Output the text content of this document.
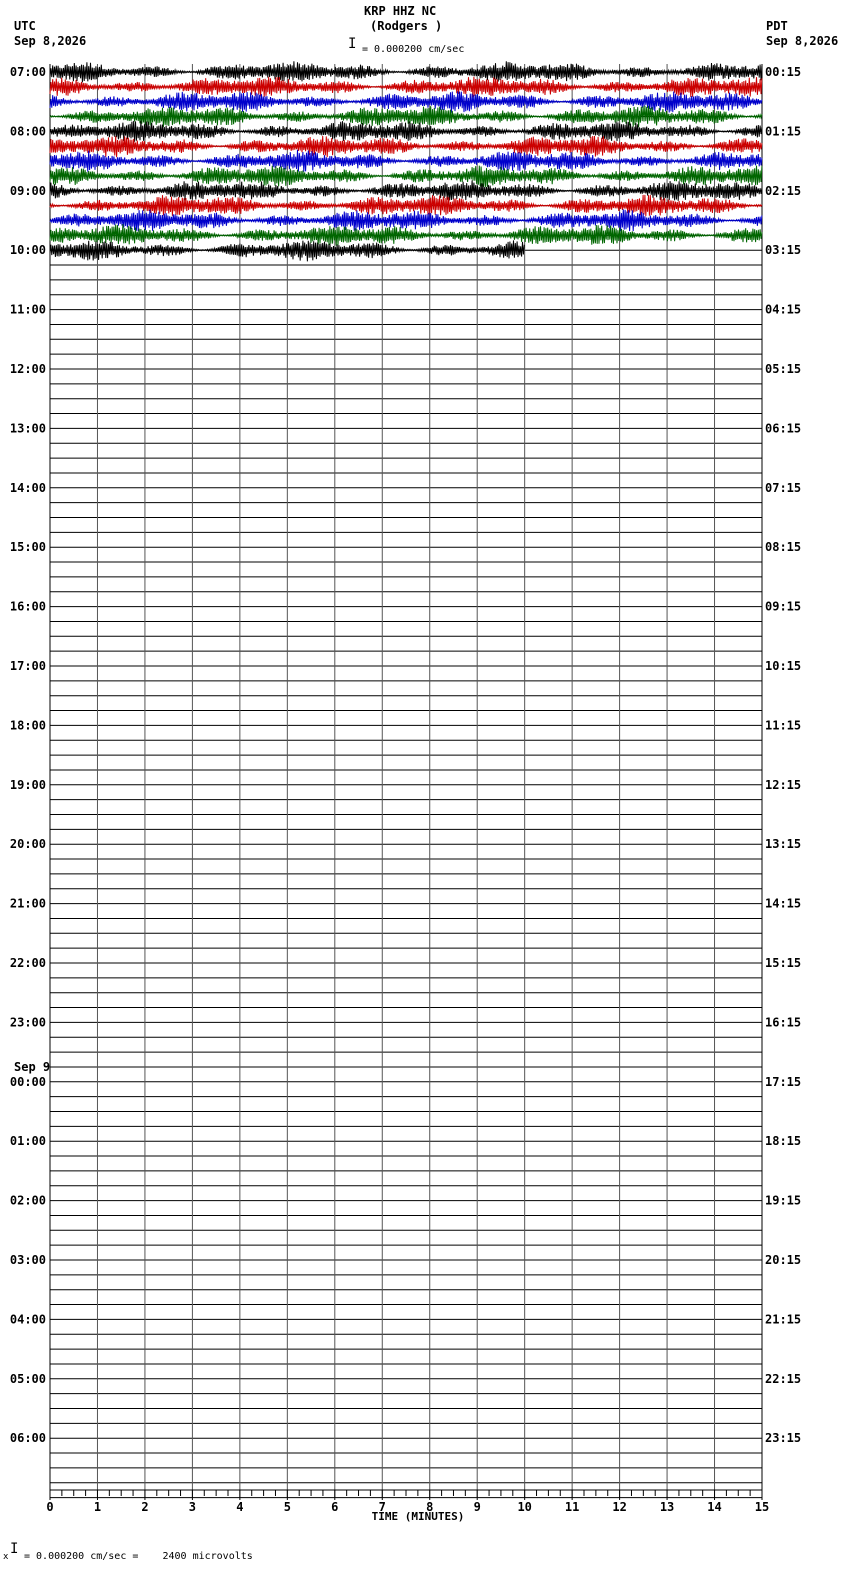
KRP HHZ NC
(Rodgers )
I = 0.000200 cm/sec
UTC
Sep 8,2026
PDT
Sep 8,2026
07:00	00:15
08:00	01:15
09:00	02:15
10:00	03:15
11:00	04:15
12:00	05:15
13:00	06:15
14:00	07:15
15:00	08:15
16:00	09:15
17:00	10:15
18:00	11:15
19:00	12:15
20:00	13:15
21:00	14:15
22:00	15:15
23:00	16:15
00:00	17:15
01:00	18:15
02:00	19:15
03:00	20:15
04:00	21:15
05:00	22:15
06:00	23:15
Sep 9
0	1	2	3	4	5	6	7	8	9	10	11	12	13	14	15
TIME (MINUTES)
x I = 0.000200 cm/sec =    2400 microvolts
